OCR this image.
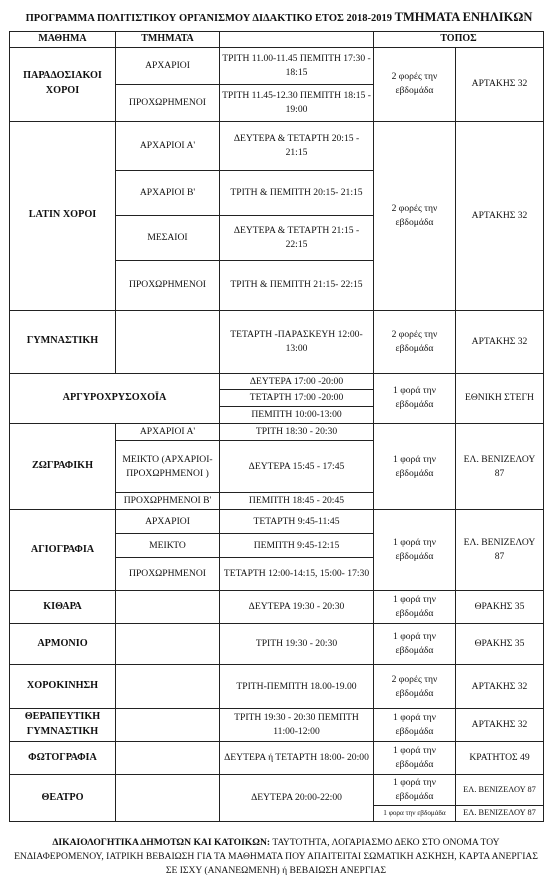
ΠΡΟΓΡΑΜΜΑ ΠΟΛΙΤΙΣΤΙΚΟΥ ΟΡΓΑΝΙΣΜΟΥ ΔΙΔΑΚΤΙΚΟ ΕΤΟΣ 2018-2019 ΤΜΗΜΑΤΑ ΕΝΗΛΙΚΩΝ
ΜΑΘΗΜΑ	ΤΜΗΜΑΤΑ		ΤΟΠΟΣ	
ΠΑΡΑΔΟΣΙΑΚΟΙ ΧΟΡΟΙ	ΑΡΧΑΡΙΟΙ	ΤΡΙΤΗ 11.00-11.45 ΠΕΜΠΤΗ 17:30 - 18:15	2 φορές την εβδομάδα	ΑΡΤΑΚΗΣ 32
	ΠΡΟΧΩΡΗΜΕΝΟΙ	ΤΡΙΤΗ 11.45-12.30 ΠΕΜΠΤΗ 18:15 - 19:00		
LATIN ΧΟΡΟΙ	ΑΡΧΑΡΙΟΙ Α'	ΔΕΥΤΕΡΑ & ΤΕΤΑΡΤΗ 20:15 - 21:15	2 φορές την εβδομάδα	ΑΡΤΑΚΗΣ 32
	ΑΡΧΑΡΙΟΙ Β'	ΤΡΙΤΗ & ΠΕΜΠΤΗ 20:15- 21:15		
	ΜΕΣΑΙΟΙ	ΔΕΥΤΕΡΑ & ΤΕΤΑΡΤΗ 21:15 - 22:15		
	ΠΡΟΧΩΡΗΜΕΝΟΙ	ΤΡΙΤΗ & ΠΕΜΠΤΗ 21:15- 22:15		
ΓΥΜΝΑΣΤΙΚΗ		ΤΕΤΑΡΤΗ -ΠΑΡΑΣΚΕΥΗ 12:00-13:00	2 φορές την εβδομάδα	ΑΡΤΑΚΗΣ 32
ΑΡΓΥΡΟΧΡΥΣΟΧΟΪΑ		ΔΕΥΤΕΡΑ 17:00 -20:00	1 φορά την εβδομάδα	ΕΘΝΙΚΗ ΣΤΕΓΗ
		ΤΕΤΑΡΤΗ 17:00 -20:00		
		ΠΕΜΠΤΗ 10:00-13:00		
ΖΩΓΡΑΦΙΚΗ	ΑΡΧΑΡΙΟΙ Α'	ΤΡΙΤΗ 18:30 - 20:30	1 φορά την εβδομάδα	ΕΛ. ΒΕΝΙΖΕΛΟΥ 87
	ΜΕΙΚΤΟ (ΑΡΧΑΡΙΟΙ- ΠΡΟΧΩΡΗΜΕΝΟΙ )	ΔΕΥΤΕΡΑ 15:45 - 17:45		
	ΠΡΟΧΩΡΗΜΕΝΟΙ Β'	ΠΕΜΠΤΗ 18:45 - 20:45		
ΑΓΙΟΓΡΑΦΙΑ	ΑΡΧΑΡΙΟΙ	ΤΕΤΑΡΤΗ 9:45-11:45	1 φορά την εβδομάδα	ΕΛ. ΒΕΝΙΖΕΛΟΥ 87
	ΜΕΙΚΤΟ	ΠΕΜΠΤΗ 9:45-12:15		
	ΠΡΟΧΩΡΗΜΕΝΟΙ	ΤΕΤΑΡΤΗ 12:00-14:15, 15:00- 17:30		
ΚΙΘΑΡΑ		ΔΕΥΤΕΡΑ 19:30 - 20:30	1 φορά την εβδομάδα	ΘΡΑΚΗΣ 35
ΑΡΜΟΝΙΟ		ΤΡΙΤΗ 19:30 - 20:30	1 φορά την εβδομάδα	ΘΡΑΚΗΣ 35
ΧΟΡΟΚΙΝΗΣΗ		ΤΡΙΤΗ-ΠΕΜΠΤΗ 18.00-19.00	2 φορές την εβδομάδα	ΑΡΤΑΚΗΣ 32
ΘΕΡΑΠΕΥΤΙΚΗ ΓΥΜΝΑΣΤΙΚΗ		ΤΡΙΤΗ 19:30 - 20:30 ΠΕΜΠΤΗ 11:00-12:00	1 φορά την εβδομάδα	ΑΡΤΑΚΗΣ 32
ΦΩΤΟΓΡΑΦΙΑ		ΔΕΥΤΕΡΑ ή ΤΕΤΑΡΤΗ 18:00- 20:00	1 φορά την εβδομάδα	ΚΡΑΤΗΤΟΣ 49
ΘΕΑΤΡΟ		ΔΕΥΤΕΡΑ 20:00-22:00	1 φορά την εβδομάδα	ΕΛ. ΒΕΝΙΖΕΛΟΥ 87
			1 φορα την εβδομάδα	ΕΛ. ΒΕΝΙΖΕΛΟΥ 87
ΔΙΚΑΙΟΛΟΓΗΤΙΚΑ ΔΗΜΟΤΩΝ ΚΑΙ ΚΑΤΟΙΚΩΝ: ΤΑΥΤΟΤΗΤΑ, ΛΟΓΑΡΙΑΣΜΟ ΔΕΚΟ ΣΤΟ ΟΝΟΜΑ ΤΟΥ ΕΝΔΙΑΦΕΡΟΜΕΝΟΥ, ΙΑΤΡΙΚΗ ΒΕΒΑΙΩΣΗ ΓΙΑ ΤΑ ΜΑΘΗΜΑΤΑ ΠΟΥ ΑΠΑΙΤΕΙΤΑΙ ΣΩΜΑΤΙΚΗ ΑΣΚΗΣΗ, ΚΑΡΤΑ ΑΝΕΡΓΙΑΣ ΣΕ ΙΣΧΥ (ΑΝΑΝΕΩΜΕΝΗ) ή ΒΕΒΑΙΩΣΗ ΑΝΕΡΓΙΑΣ
